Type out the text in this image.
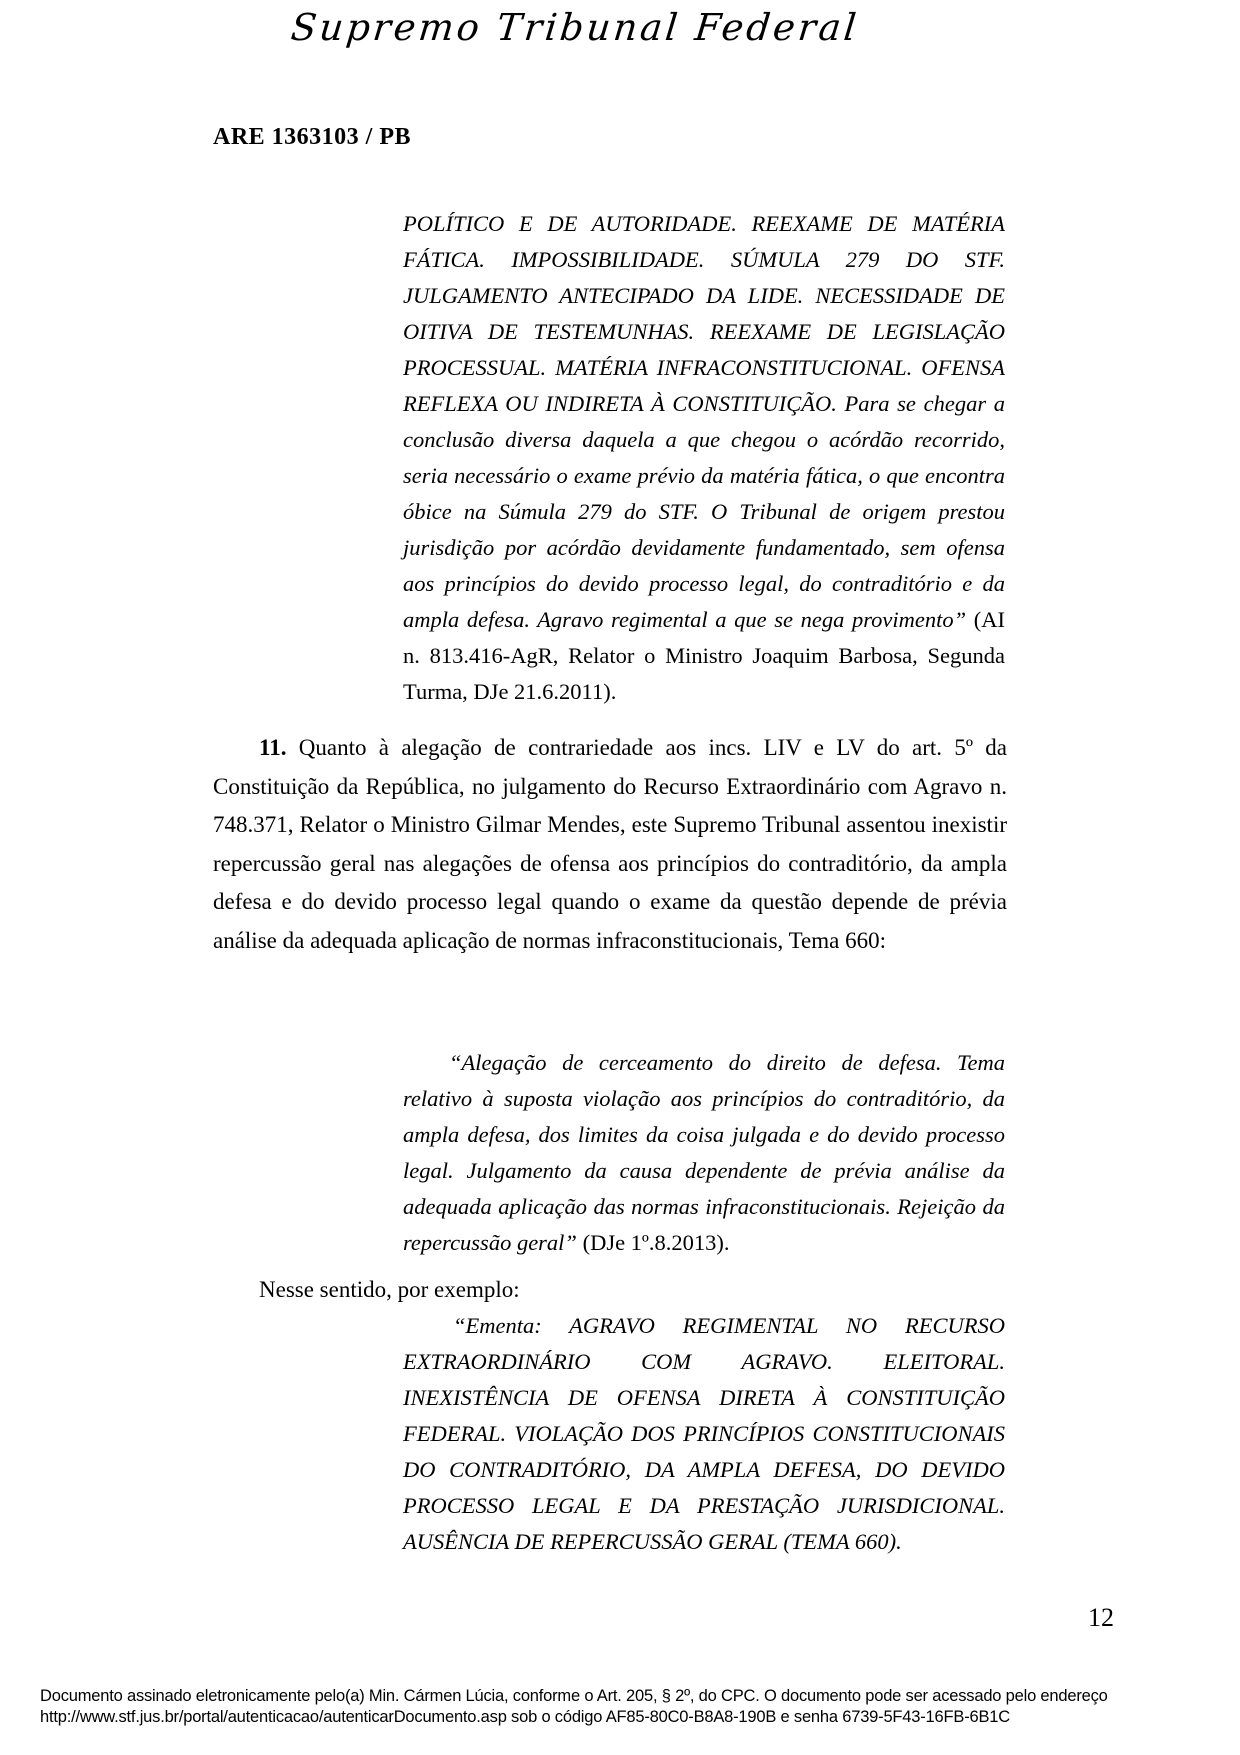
Supremo Tribunal Federal
ARE 1363103 / PB

POLÍTICO E DE AUTORIDADE. REEXAME DE MATÉRIA FÁTICA. IMPOSSIBILIDADE. SÚMULA 279 DO STF. JULGAMENTO ANTECIPADO DA LIDE. NECESSIDADE DE OITIVA DE TESTEMUNHAS. REEXAME DE LEGISLAÇÃO PROCESSUAL. MATÉRIA INFRACONSTITUCIONAL. OFENSA REFLEXA OU INDIRETA À CONSTITUIÇÃO. Para se chegar a conclusão diversa daquela a que chegou o acórdão recorrido, seria necessário o exame prévio da matéria fática, o que encontra óbice na Súmula 279 do STF. O Tribunal de origem prestou jurisdição por acórdão devidamente fundamentado, sem ofensa aos princípios do devido processo legal, do contraditório e da ampla defesa. Agravo regimental a que se nega provimento” (AI n. 813.416-AgR, Relator o Ministro Joaquim Barbosa, Segunda Turma, DJe 21.6.2011).

11. Quanto à alegação de contrariedade aos incs. LIV e LV do art. 5º da Constituição da República, no julgamento do Recurso Extraordinário com Agravo n. 748.371, Relator o Ministro Gilmar Mendes, este Supremo Tribunal assentou inexistir repercussão geral nas alegações de ofensa aos princípios do contraditório, da ampla defesa e do devido processo legal quando o exame da questão depende de prévia análise da adequada aplicação de normas infraconstitucionais, Tema 660:

“Alegação de cerceamento do direito de defesa. Tema relativo à suposta violação aos princípios do contraditório, da ampla defesa, dos limites da coisa julgada e do devido processo legal. Julgamento da causa dependente de prévia análise da adequada aplicação das normas infraconstitucionais. Rejeição da repercussão geral” (DJe 1º.8.2013).

Nesse sentido, por exemplo:

“Ementa: AGRAVO REGIMENTAL NO RECURSO EXTRAORDINÁRIO COM AGRAVO. ELEITORAL. INEXISTÊNCIA DE OFENSA DIRETA À CONSTITUIÇÃO FEDERAL. VIOLAÇÃO DOS PRINCÍPIOS CONSTITUCIONAIS DO CONTRADITÓRIO, DA AMPLA DEFESA, DO DEVIDO PROCESSO LEGAL E DA PRESTAÇÃO JURISDICIONAL. AUSÊNCIA DE REPERCUSSÃO GERAL (TEMA 660).

12
Documento assinado eletronicamente pelo(a) Min. Cármen Lúcia, conforme o Art. 205, § 2º, do CPC. O documento pode ser acessado pelo endereço
http://www.stf.jus.br/portal/autenticacao/autenticarDocumento.asp sob o código AF85-80C0-B8A8-190B e senha 6739-5F43-16FB-6B1C
